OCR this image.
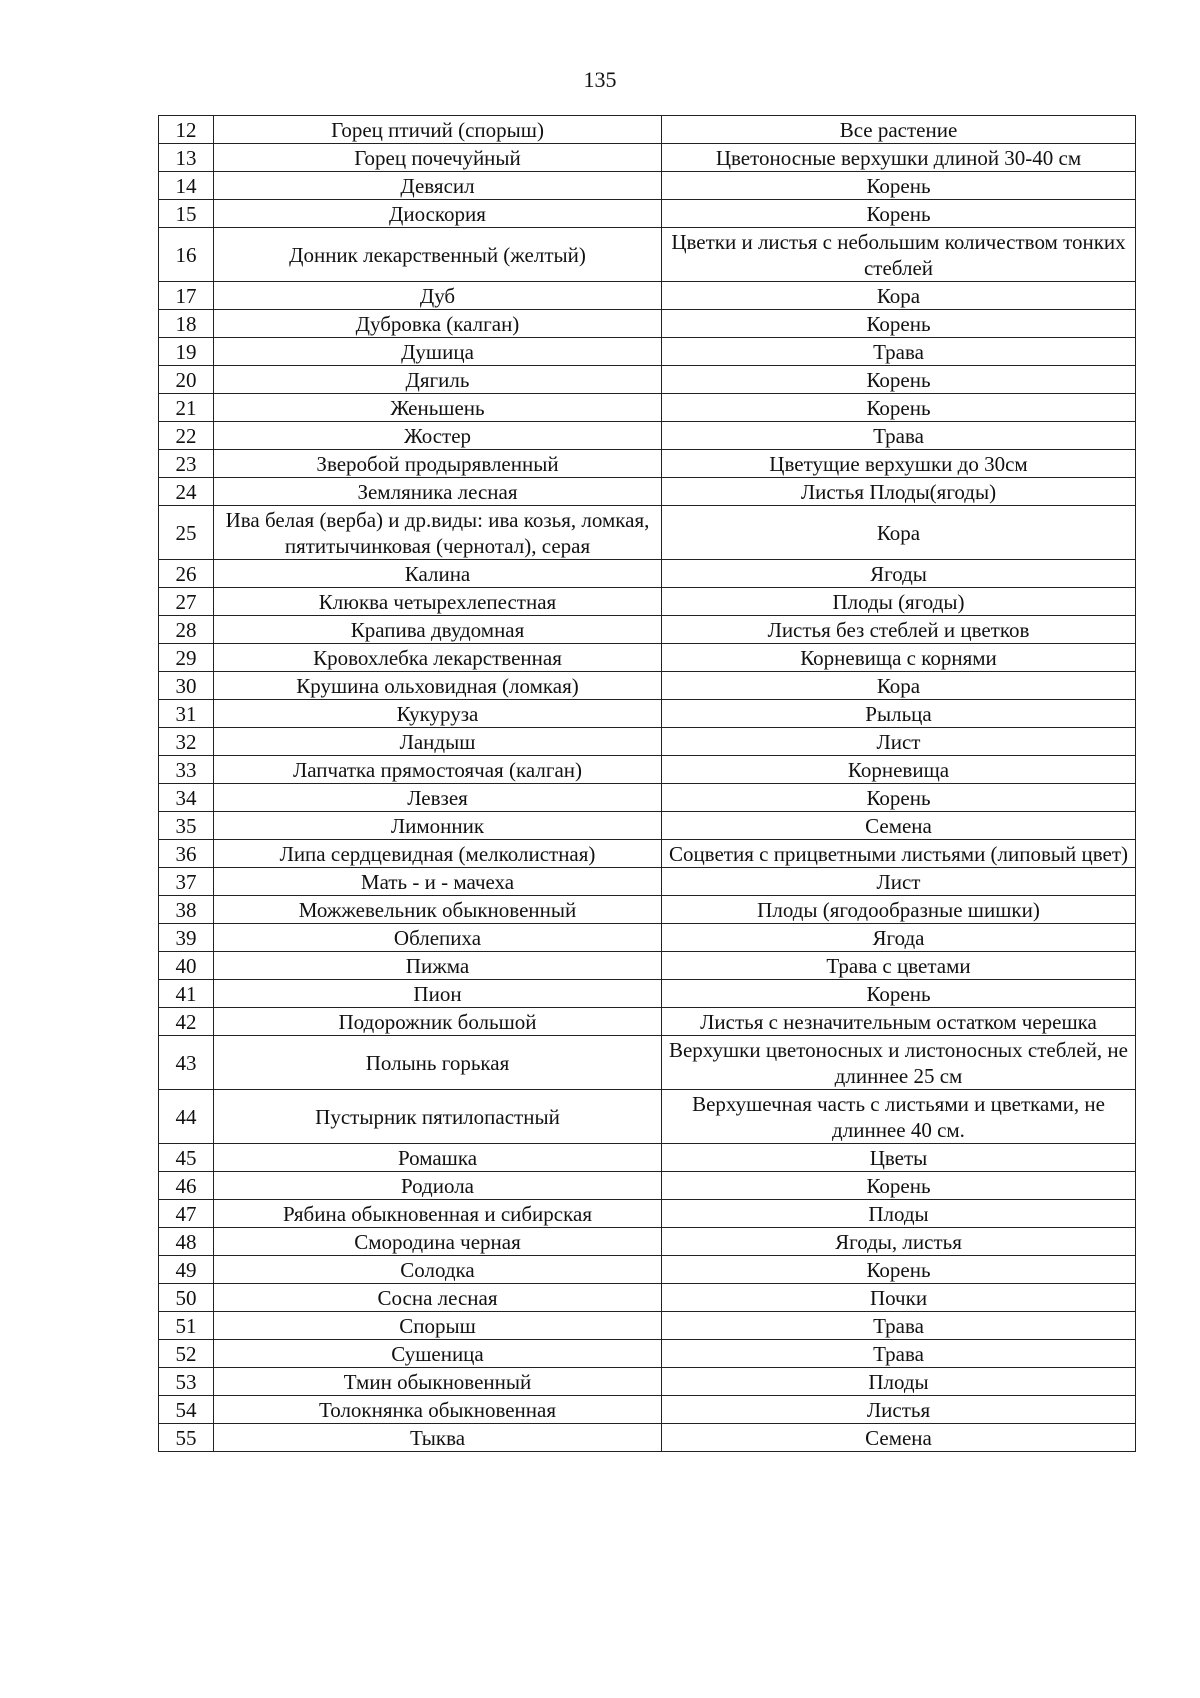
135
12	Горец птичий (спорыш)	Все растение
13	Горец почечуйный	Цветоносные верхушки длиной 30-40 см
14	Девясил	Корень
15	Диоскория	Корень
16	Донник лекарственный (желтый)	Цветки и листья с небольшим количеством тонких стеблей
17	Дуб	Кора
18	Дубровка (калган)	Корень
19	Душица	Трава
20	Дягиль	Корень
21	Женьшень	Корень
22	Жостер	Трава
23	Зверобой продырявленный	Цветущие верхушки до 30см
24	Земляника лесная	Листья Плоды(ягоды)
25	Ива белая (верба) и др.виды: ива козья, ломкая, пятитычинковая (чернотал), серая	Кора
26	Калина	Ягоды
27	Клюква четырехлепестная	Плоды (ягоды)
28	Крапива двудомная	Листья без стеблей и цветков
29	Кровохлебка лекарственная	Корневища с корнями
30	Крушина ольховидная (ломкая)	Кора
31	Кукуруза	Рыльца
32	Ландыш	Лист
33	Лапчатка прямостоячая (калган)	Корневища
34	Левзея	Корень
35	Лимонник	Семена
36	Липа сердцевидная (мелколистная)	Соцветия с прицветными листьями (липовый цвет)
37	Мать - и - мачеха	Лист
38	Можжевельник обыкновенный	Плоды (ягодообразные шишки)
39	Облепиха	Ягода
40	Пижма	Трава с цветами
41	Пион	Корень
42	Подорожник большой	Листья с незначительным остатком черешка
43	Полынь горькая	Верхушки цветоносных и листоносных стеблей, не длиннее 25 см
44	Пустырник пятилопастный	Верхушечная часть с листьями и цветками, не длиннее 40 см.
45	Ромашка	Цветы
46	Родиола	Корень
47	Рябина обыкновенная и сибирская	Плоды
48	Смородина черная	Ягоды, листья
49	Солодка	Корень
50	Сосна лесная	Почки
51	Спорыш	Трава
52	Сушеница	Трава
53	Тмин обыкновенный	Плоды
54	Толокнянка обыкновенная	Листья
55	Тыква	Семена
